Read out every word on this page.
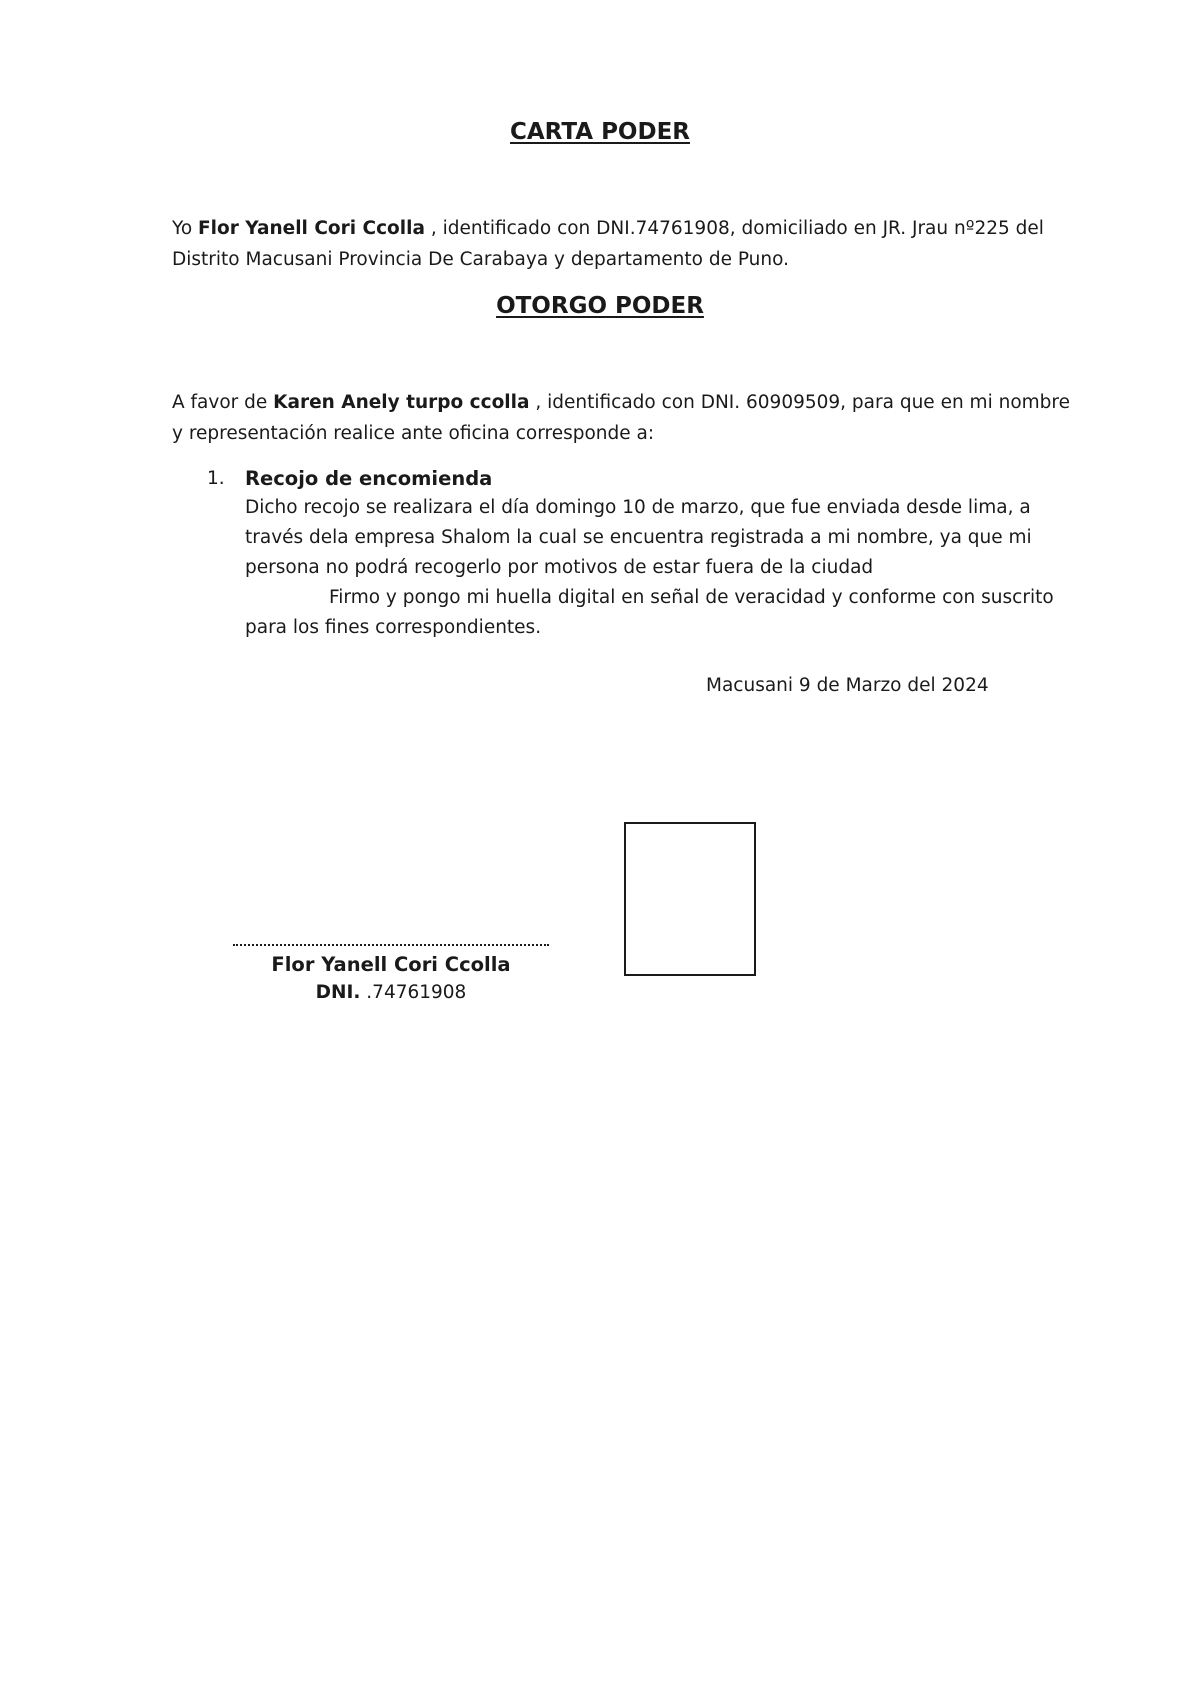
CARTA PODER
Yo Flor Yanell Cori Ccolla , identificado con DNI.74761908, domiciliado en JR. Jrau nº225 del
Distrito Macusani Provincia De Carabaya y departamento de Puno.
OTORGO PODER
A favor de Karen Anely turpo ccolla , identificado con DNI. 60909509, para que en mi nombre
y representación realice ante oficina corresponde a:
1. Recojo de encomienda
Dicho recojo se realizara el día domingo 10 de marzo, que fue enviada desde lima, a
través dela empresa Shalom la cual se encuentra registrada a mi nombre, ya que mi
persona no podrá recogerlo por motivos de estar fuera de la ciudad
Firmo y pongo mi huella digital en señal de veracidad y conforme con suscrito
para los fines correspondientes.
Macusani 9 de Marzo del 2024
Flor Yanell Cori Ccolla
DNI. .74761908
